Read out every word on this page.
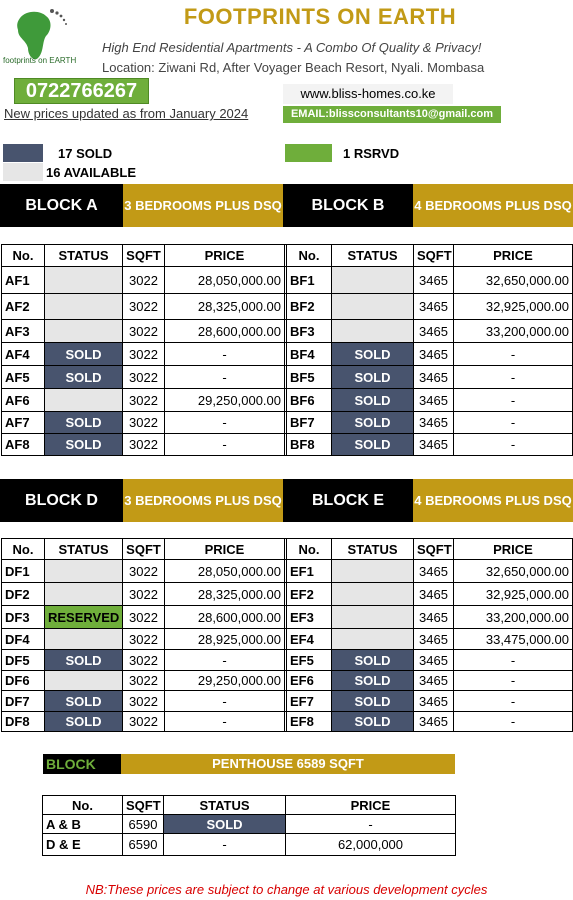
footprints on EARTH
FOOTPRINTS ON EARTH
High End Residential Apartments - A Combo Of Quality & Privacy!
Location: Ziwani Rd, After Voyager Beach Resort, Nyali. Mombasa
0722766267	www.bliss-homes.co.ke
New prices updated as from January 2024	EMAIL:blissconsultants10@gmail.com
17 SOLD
16 AVAILABLE
1 RSRVD
BLOCK A	3 BEDROOMS PLUS DSQ	BLOCK B	4 BEDROOMS PLUS DSQ
No.	STATUS	SQFT	PRICE		No.	STATUS	SQFT	PRICE
AF1		3022	28,050,000.00		BF1		3465	32,650,000.00
AF2		3022	28,325,000.00		BF2		3465	32,925,000.00
AF3		3022	28,600,000.00		BF3		3465	33,200,000.00
AF4	SOLD	3022	-		BF4	SOLD	3465	-
AF5	SOLD	3022	-		BF5	SOLD	3465	-
AF6		3022	29,250,000.00		BF6	SOLD	3465	-
AF7	SOLD	3022	-		BF7	SOLD	3465	-
AF8	SOLD	3022	-		BF8	SOLD	3465	-
BLOCK D	3 BEDROOMS PLUS DSQ	BLOCK E	4 BEDROOMS PLUS DSQ
No.	STATUS	SQFT	PRICE		No.	STATUS	SQFT	PRICE
DF1		3022	28,050,000.00		EF1		3465	32,650,000.00
DF2		3022	28,325,000.00		EF2		3465	32,925,000.00
DF3	RESERVED	3022	28,600,000.00		EF3		3465	33,200,000.00
DF4		3022	28,925,000.00		EF4		3465	33,475,000.00
DF5	SOLD	3022	-		EF5	SOLD	3465	-
DF6		3022	29,250,000.00		EF6	SOLD	3465	-
DF7	SOLD	3022	-		EF7	SOLD	3465	-
DF8	SOLD	3022	-		EF8	SOLD	3465	-
BLOCK	PENTHOUSE 6589 SQFT
No.	SQFT	STATUS	PRICE
A & B	6590	SOLD	-
D & E	6590	-	62,000,000
NB:These prices are subject to change at various development cycles
